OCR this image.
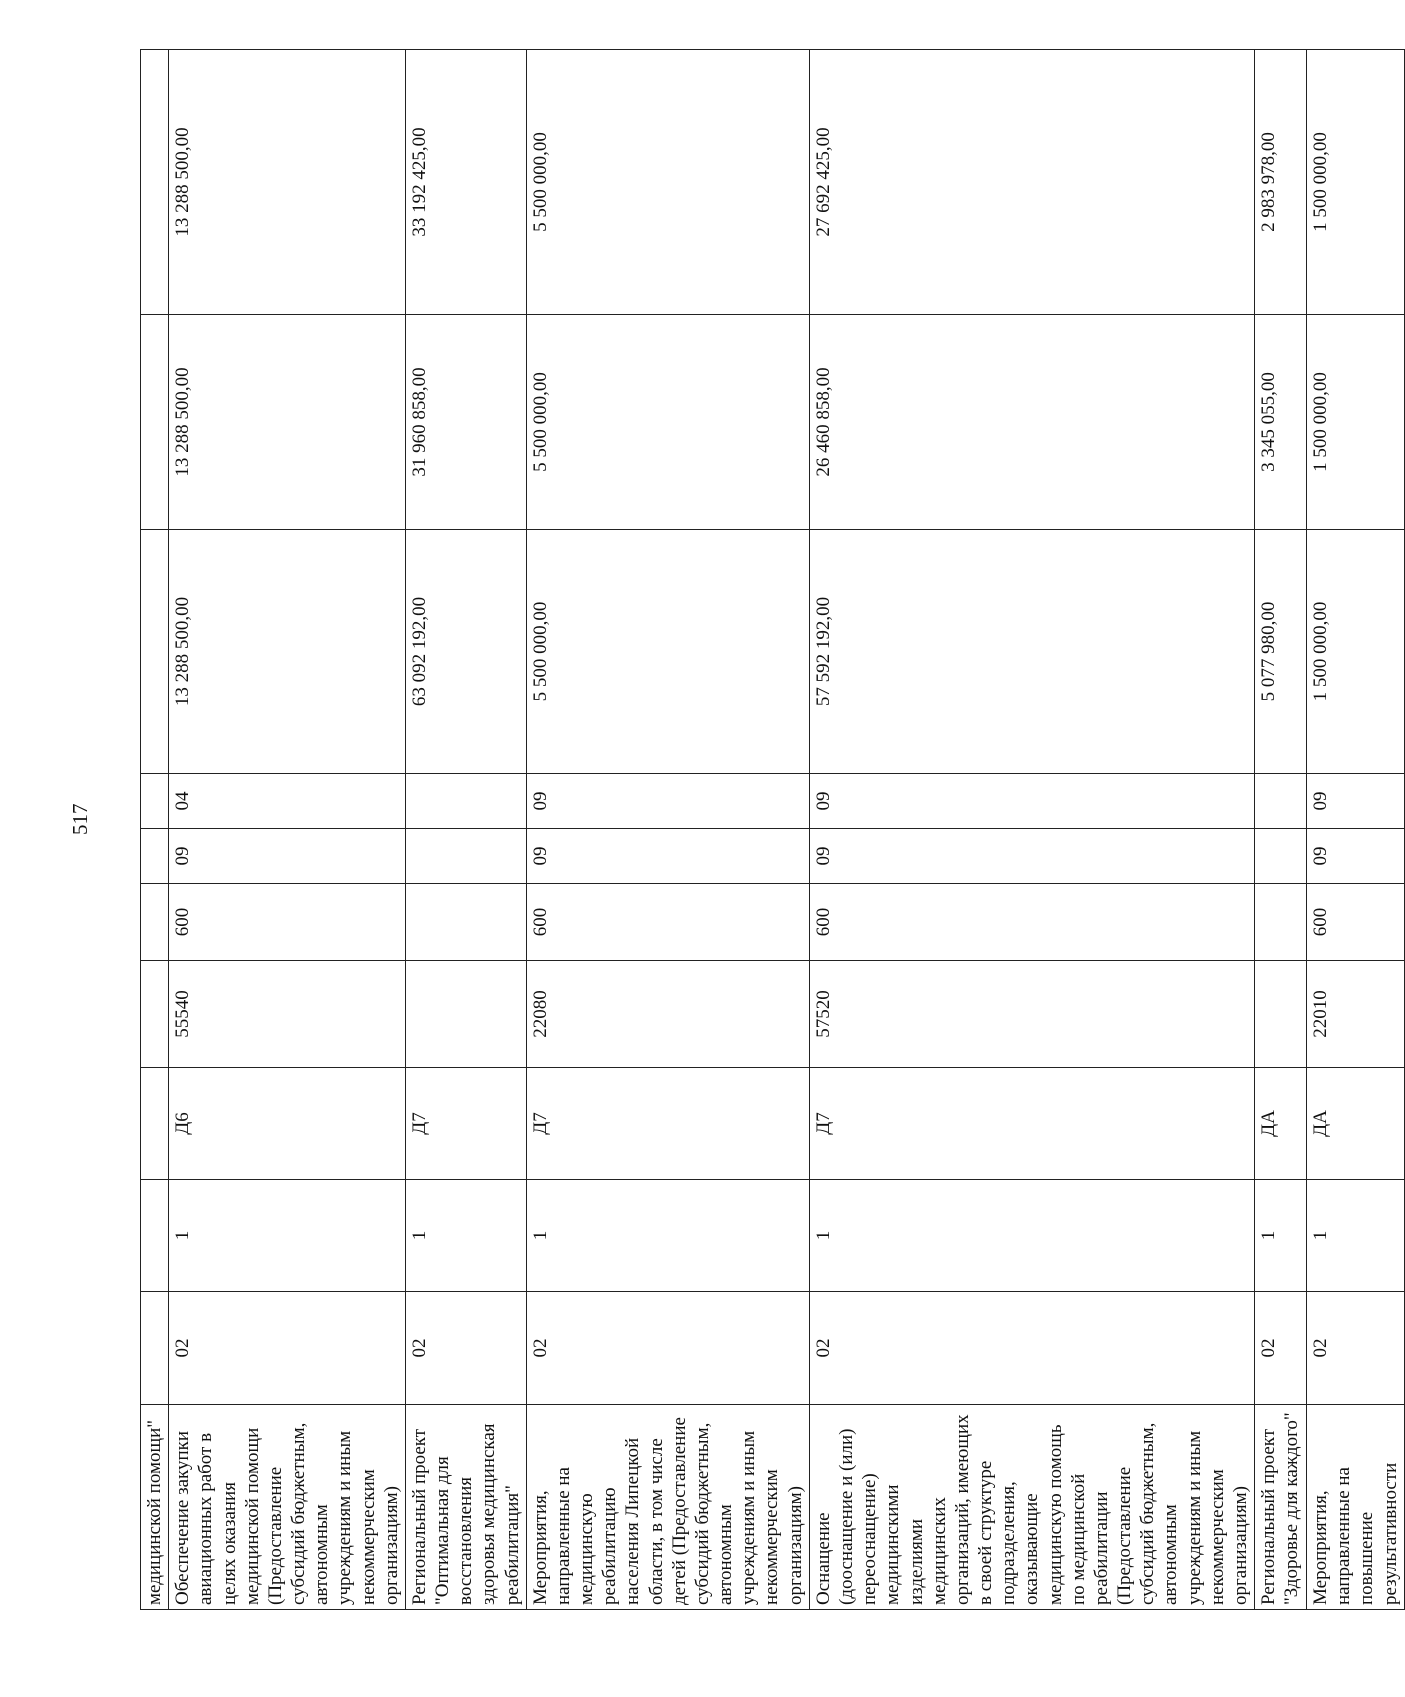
517
медицинской помощи"										
Обеспечение закупки авиационных работ в целях оказания медицинской помощи (Предоставление субсидий бюджетным, автономным учреждениям и иным некоммерческим организациям)	02	1	Д6	55540	600	09	04	13 288 500,00	13 288 500,00	13 288 500,00
Региональный проект "Оптимальная для восстановления здоровья медицинская реабилитация"	02	1	Д7					63 092 192,00	31 960 858,00	33 192 425,00
Мероприятия, направленные на медицинскую реабилитацию населения Липецкой области, в том числе детей (Предоставление субсидий бюджетным, автономным учреждениям и иным некоммерческим организациям)	02	1	Д7	22080	600	09	09	5 500 000,00	5 500 000,00	5 500 000,00
Оснащение (дооснащение и (или) переоснащение) медицинскими изделиями медицинских организаций, имеющих в своей структуре подразделения, оказывающие медицинскую помощь по медицинской реабилитации (Предоставление субсидий бюджетным, автономным учреждениям и иным некоммерческим организациям)	02	1	Д7	57520	600	09	09	57 592 192,00	26 460 858,00	27 692 425,00
Региональный проект "Здоровье для каждого"	02	1	ДА					5 077 980,00	3 345 055,00	2 983 978,00
Мероприятия, направленные на повышение результативности	02	1	ДА	22010	600	09	09	1 500 000,00	1 500 000,00	1 500 000,00
